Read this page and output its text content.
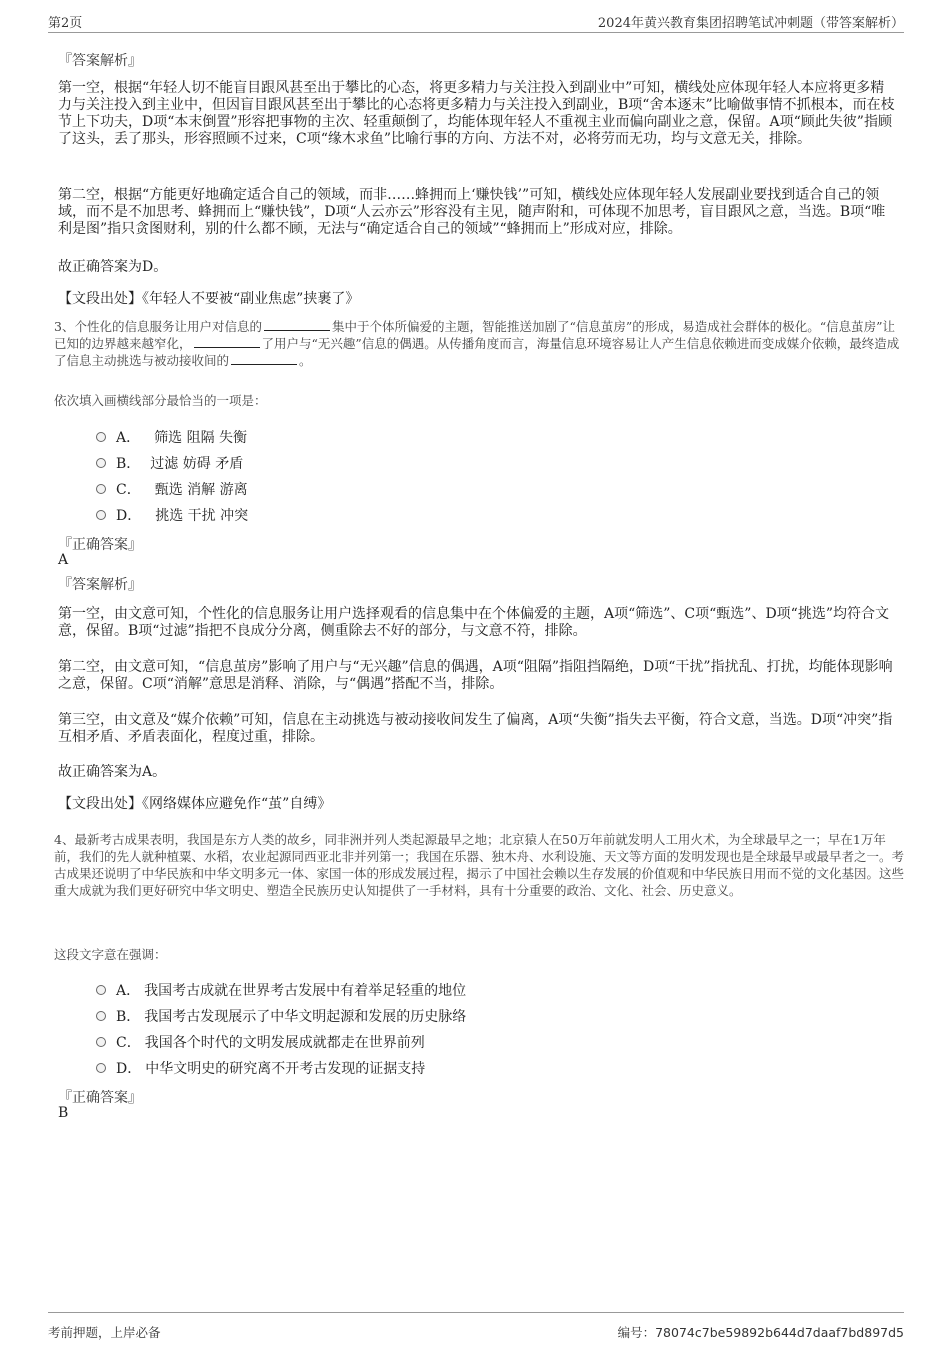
第2页	2024年黄兴教育集团招聘笔试冲刺题（带答案解析）
『答案解析』
第一空，根据“年轻人切不能盲目跟风甚至出于攀比的心态，将更多精力与关注投入到副业中”可知，横线处应体现年轻人本应将更多精力与关注投入到主业中，但因盲目跟风甚至出于攀比的心态将更多精力与关注投入到副业，B项“舍本逐末”比喻做事情不抓根本，而在枝节上下功夫，D项“本末倒置”形容把事物的主次、轻重颠倒了，均能体现年轻人不重视主业而偏向副业之意，保留。A项“顾此失彼”指顾了这头，丢了那头，形容照顾不过来，C项“缘木求鱼”比喻行事的方向、方法不对，必将劳而无功，均与文意无关，排除。
第二空，根据“方能更好地确定适合自己的领域，而非……蜂拥而上‘赚快钱’”可知，横线处应体现年轻人发展副业要找到适合自己的领域，而不是不加思考、蜂拥而上“赚快钱”，D项“人云亦云”形容没有主见，随声附和，可体现不加思考，盲目跟风之意，当选。B项“唯利是图”指只贪图财利，别的什么都不顾，无法与“确定适合自己的领域”“蜂拥而上”形成对应，排除。
故正确答案为D。
【文段出处】《年轻人不要被“副业焦虑”挟裹了》
3、个性化的信息服务让用户对信息的	集中于个体所偏爱的主题，智能推送加剧了“信息茧房”的形成，易造成社会群体的极化。“信息茧房”让已知的边界越来越窄化，	了用户与“无兴趣”信息的偶遇。从传播角度而言，海量信息环境容易让人产生信息依赖进而变成媒介依赖，最终造成了信息主动挑选与被动接收间的	。
依次填入画横线部分最恰当的一项是：
A． 筛选 阻隔 失衡
B． 过滤 妨碍 矛盾
C． 甄选 消解 游离
D． 挑选 干扰 冲突
『正确答案』
A
『答案解析』
第一空，由文意可知，个性化的信息服务让用户选择观看的信息集中在个体偏爱的主题，A项“筛选”、C项“甄选”、D项“挑选”均符合文意，保留。B项“过滤”指把不良成分分离，侧重除去不好的部分，与文意不符，排除。
第二空，由文意可知，“信息茧房”影响了用户与“无兴趣”信息的偶遇，A项“阻隔”指阻挡隔绝，D项“干扰”指扰乱、打扰，均能体现影响之意，保留。C项“消解”意思是消释、消除，与“偶遇”搭配不当，排除。
第三空，由文意及“媒介依赖”可知，信息在主动挑选与被动接收间发生了偏离，A项“失衡”指失去平衡，符合文意，当选。D项“冲突”指互相矛盾、矛盾表面化，程度过重，排除。
故正确答案为A。
【文段出处】《网络媒体应避免作“茧”自缚》
4、最新考古成果表明，我国是东方人类的故乡，同非洲并列人类起源最早之地；北京猿人在50万年前就发明人工用火术，为全球最早之一；早在1万年前，我们的先人就种植粟、水稻，农业起源同西亚北非并列第一；我国在乐器、独木舟、水利设施、天文等方面的发明发现也是全球最早或最早者之一。考古成果还说明了中华民族和中华文明多元一体、家国一体的形成发展过程，揭示了中国社会赖以生存发展的价值观和中华民族日用而不觉的文化基因。这些重大成就为我们更好研究中华文明史、塑造全民族历史认知提供了一手材料，具有十分重要的政治、文化、社会、历史意义。
这段文字意在强调：
A． 我国考古成就在世界考古发展中有着举足轻重的地位
B． 我国考古发现展示了中华文明起源和发展的历史脉络
C． 我国各个时代的文明发展成就都走在世界前列
D． 中华文明史的研究离不开考古发现的证据支持
『正确答案』
B
考前押题，上岸必备	编号：78074c7be59892b644d7daaf7bd897d5
